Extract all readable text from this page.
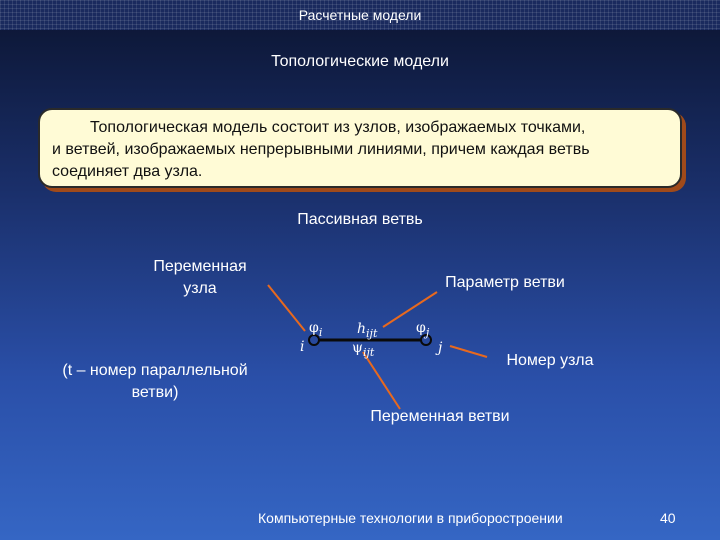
Расчетные модели
Топологические модели
Топологическая модель состоит из узлов, изображаемых точками,
и ветвей, изображаемых непрерывными линиями, причем каждая ветвь
соединяет два узла.
Пассивная ветвь
Переменная
узла	Параметр ветви
(t – номер параллельной
ветви)
Номер узла
Переменная ветви
i	j
$\varphi_i$	$\varphi_j$
$h_{ijt}$
$\psi_{ijt}$
Компьютерные технологии в приборостроении	40
